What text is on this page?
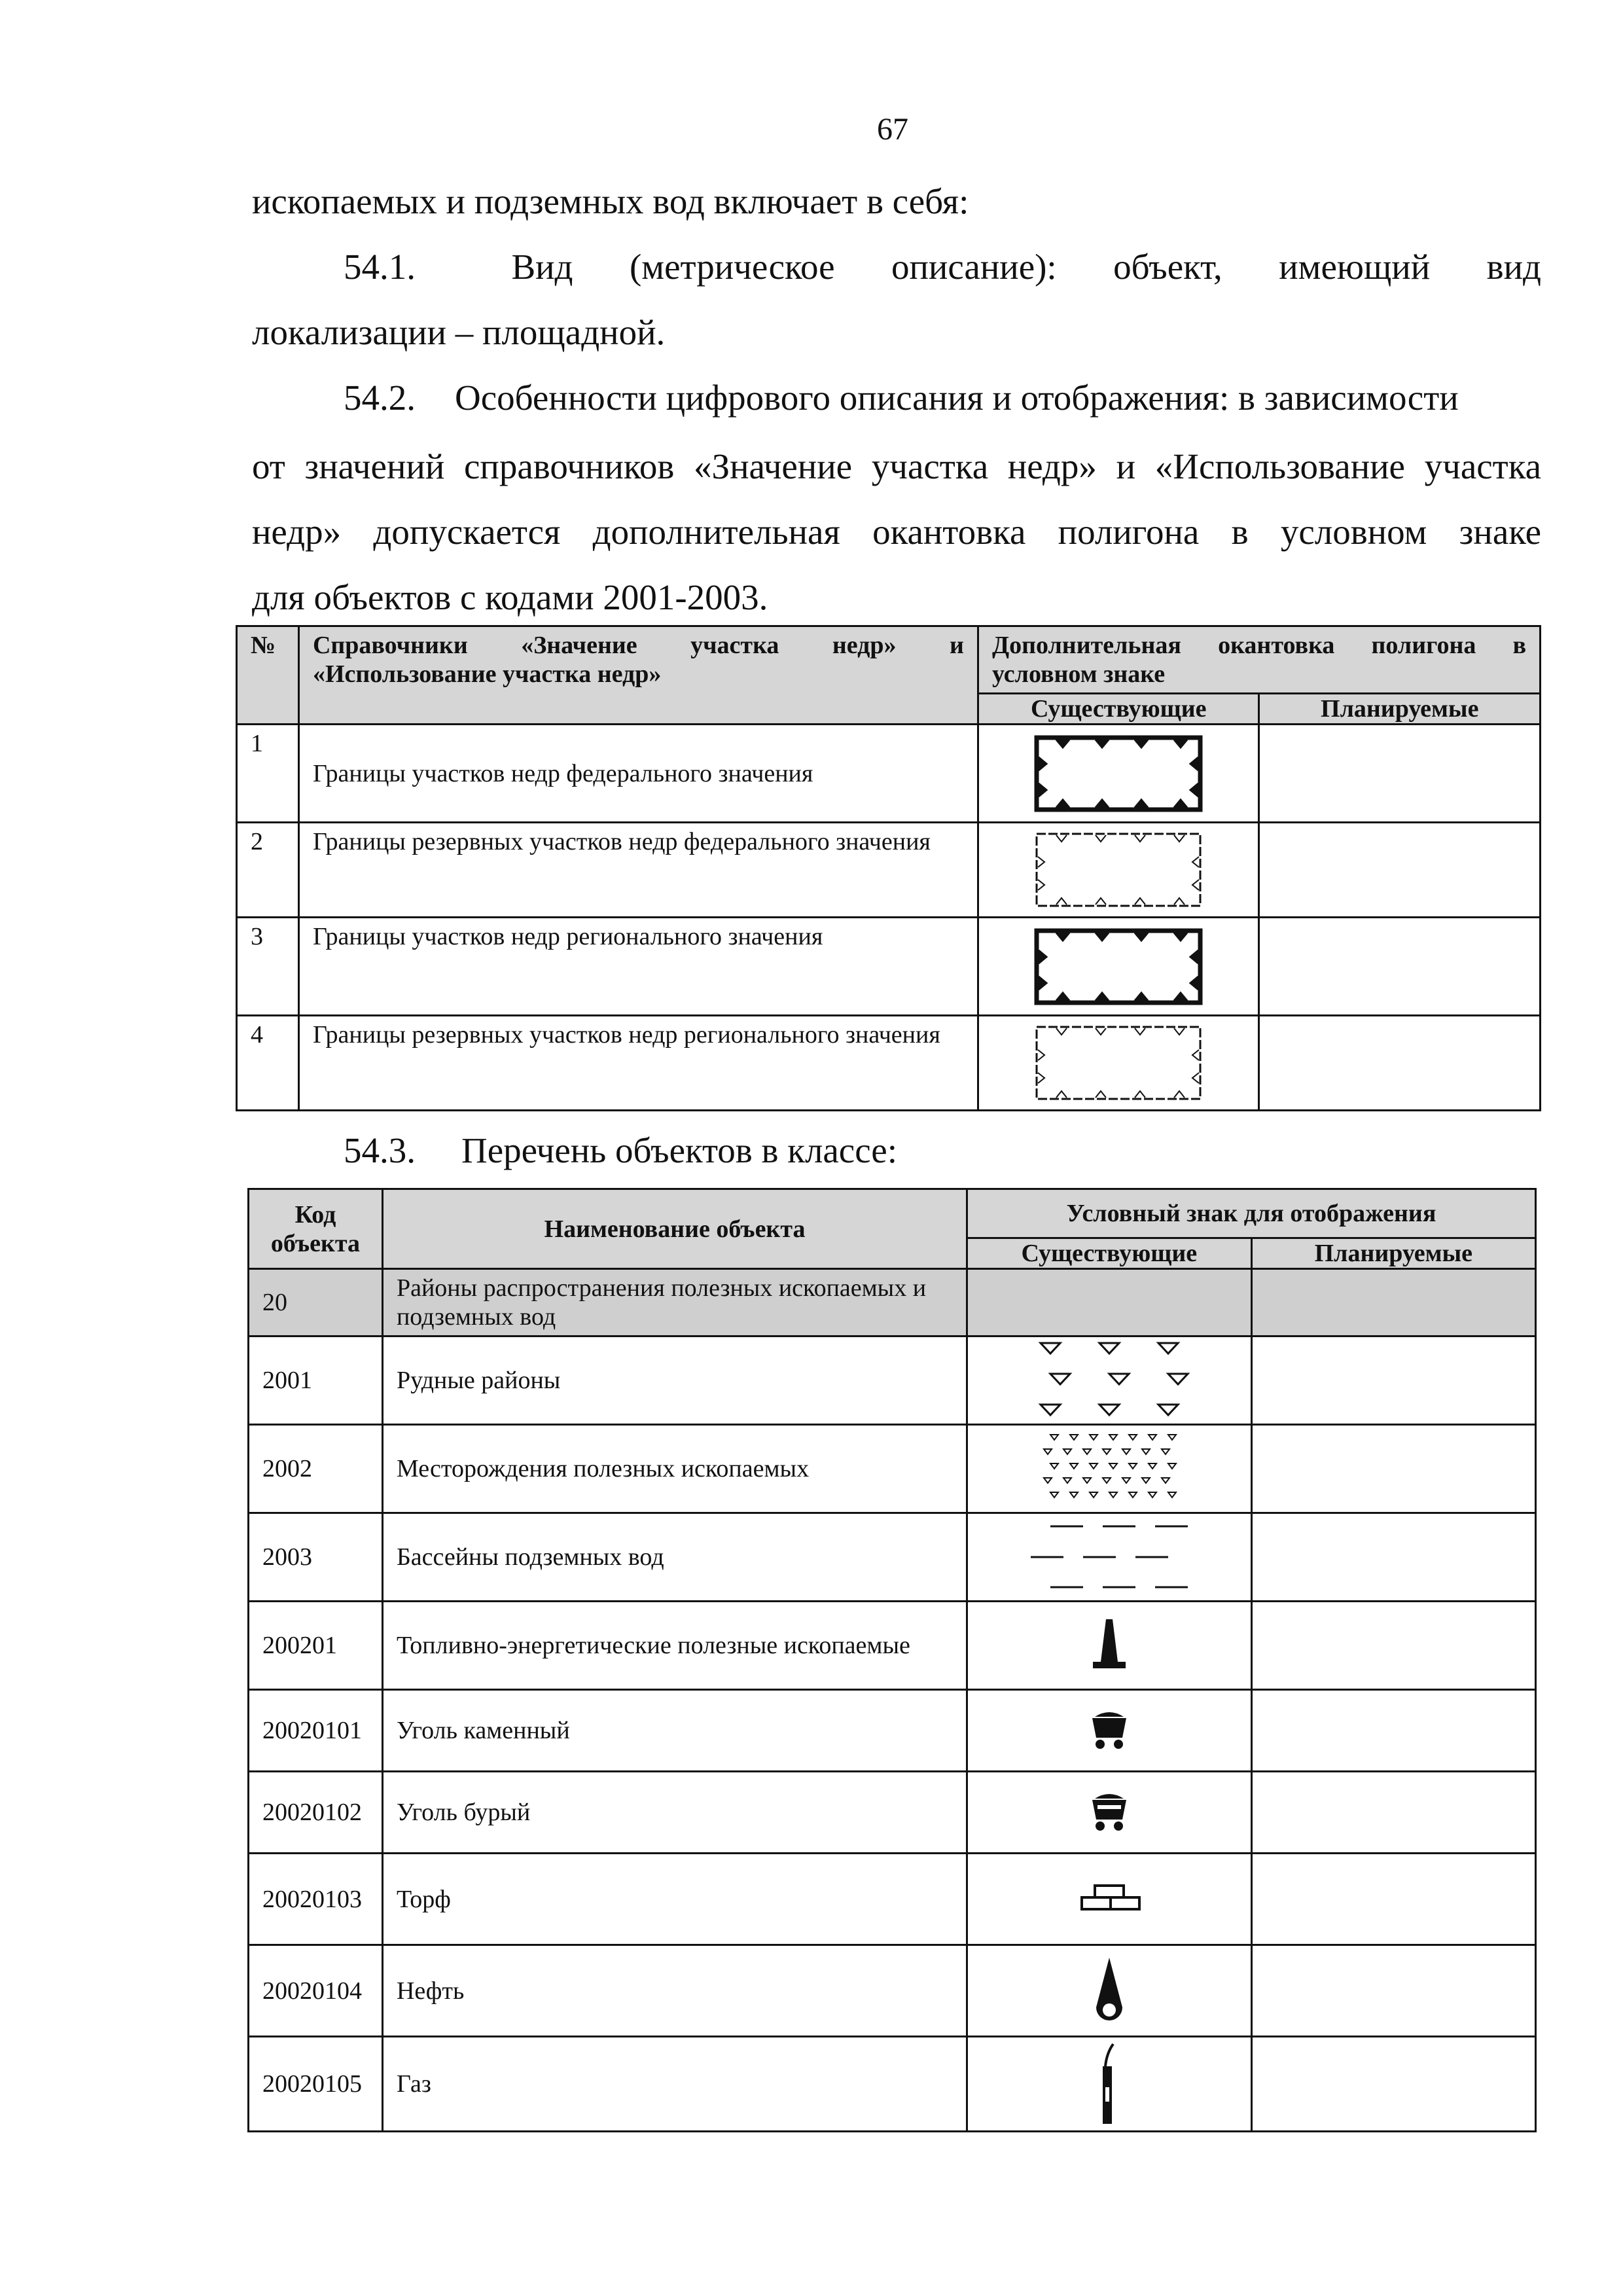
67
ископаемых и подземных вод включает в себя:
54.1.	Вид (метрическое описание): объект, имеющий вид
локализации – площадной.
54.2. Особенности цифрового описания и отображения: в зависимости
от значений справочников «Значение участка недр» и «Использование участка
недр» допускается дополнительная окантовка полигона в условном знаке
для объектов с кодами 2001-2003.
№	Справочники «Значение участка недр» и «Использование участка недр»	Дополнительная окантовка полигона в условном знаке	
		Существующие	Планируемые
1	Границы участков недр федерального значения	

2	Границы резервных участков недр федерального значения	

3	Границы участков недр регионального значения	

4	Границы резервных участков недр регионального значения	

54.3. Перечень объектов в классе:
Код объекта	Наименование объекта	Условный знак для отображения	
		Существующие	Планируемые
20	Районы распространения полезных ископаемых и подземных вод		
2001	Рудные районы	

2002	Месторождения полезных ископаемых	

2003	Бассейны подземных вод	

200201	Топливно-энергетические полезные ископаемые	

20020101	Уголь каменный	

20020102	Уголь бурый	

20020103	Торф	

20020104	Нефть	

20020105	Газ	
